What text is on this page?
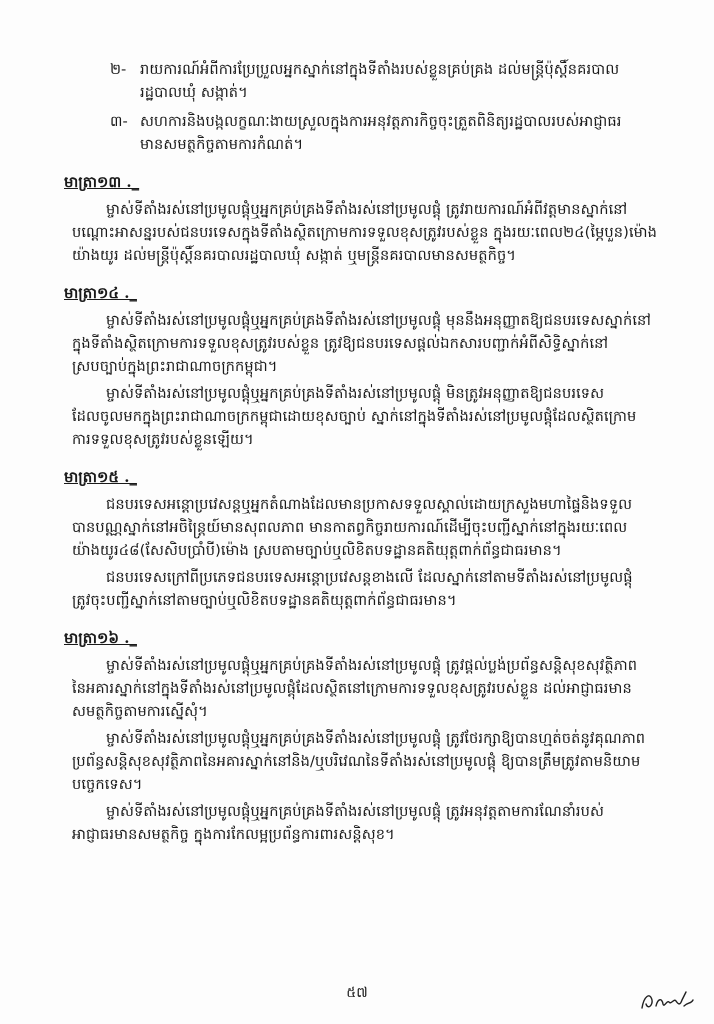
២- រាយការណ៍អំពីការប្រែប្រួលអ្នកស្នាក់នៅក្នុងទីតាំងរបស់ខ្លួនគ្រប់គ្រង ដល់មន្ត្រីប៉ុស្តិ៍នគរបាល
រដ្ឋបាលឃុំ សង្កាត់។
៣- សហការនិងបង្កលក្ខណៈងាយស្រួលក្នុងការអនុវត្តភារកិច្ចចុះត្រួតពិនិត្យរដ្ឋបាលរបស់អាជ្ញាធរ
មានសមត្ថកិច្ចតាមការកំណត់។
មាត្រា១៣ ._
ម្ចាស់ទីតាំងរស់នៅប្រមូលផ្តុំឬអ្នកគ្រប់គ្រងទីតាំងរស់នៅប្រមូលផ្តុំ ត្រូវរាយការណ៍អំពីវត្តមានស្នាក់នៅ
បណ្តោះអាសន្នរបស់ជនបរទេសក្នុងទីតាំងស្ថិតក្រោមការទទួលខុសត្រូវរបស់ខ្លួន ក្នុងរយៈពេល២៤(ម្ភៃបួន)ម៉ោង
យ៉ាងយូរ ដល់មន្ត្រីប៉ុស្តិ៍នគរបាលរដ្ឋបាលឃុំ សង្កាត់ ឬមន្ត្រីនគរបាលមានសមត្ថកិច្ច។
មាត្រា១៤ ._
ម្ចាស់ទីតាំងរស់នៅប្រមូលផ្តុំឬអ្នកគ្រប់គ្រងទីតាំងរស់នៅប្រមូលផ្តុំ មុននឹងអនុញ្ញាតឱ្យជនបរទេសស្នាក់នៅ
ក្នុងទីតាំងស្ថិតក្រោមការទទួលខុសត្រូវរបស់ខ្លួន ត្រូវឱ្យជនបរទេសផ្តល់ឯកសារបញ្ជាក់អំពីសិទ្ធិស្នាក់នៅ
ស្របច្បាប់ក្នុងព្រះរាជាណាចក្រកម្ពុជា។
ម្ចាស់ទីតាំងរស់នៅប្រមូលផ្តុំឬអ្នកគ្រប់គ្រងទីតាំងរស់នៅប្រមូលផ្តុំ មិនត្រូវអនុញ្ញាតឱ្យជនបរទេស
ដែលចូលមកក្នុងព្រះរាជាណាចក្រកម្ពុជាដោយខុសច្បាប់ ស្នាក់នៅក្នុងទីតាំងរស់នៅប្រមូលផ្តុំដែលស្ថិតក្រោម
ការទទួលខុសត្រូវរបស់ខ្លួនឡើយ។
មាត្រា១៥ ._
ជនបរទេសអន្តោប្រវេសន្តឬអ្នកតំណាងដែលមានប្រកាសទទួលស្គាល់ដោយក្រសួងមហាផ្ទៃនិងទទួល
បានបណ្ណស្នាក់នៅអចិន្ត្រៃយ៍មានសុពលភាព មានកាតព្វកិច្ចរាយការណ៍ដើម្បីចុះបញ្ជីស្នាក់នៅក្នុងរយៈពេល
យ៉ាងយូរ៤៨(សែសិបប្រាំបី)ម៉ោង ស្របតាមច្បាប់ឬលិខិតបទដ្ឋានគតិយុត្តពាក់ព័ន្ធជាធរមាន។
ជនបរទេសក្រៅពីប្រភេទជនបរទេសអន្តោប្រវេសន្តខាងលើ ដែលស្នាក់នៅតាមទីតាំងរស់នៅប្រមូលផ្តុំ
ត្រូវចុះបញ្ជីស្នាក់នៅតាមច្បាប់ឬលិខិតបទដ្ឋានគតិយុត្តពាក់ព័ន្ធជាធរមាន។
មាត្រា១៦ ._
ម្ចាស់ទីតាំងរស់នៅប្រមូលផ្តុំឬអ្នកគ្រប់គ្រងទីតាំងរស់នៅប្រមូលផ្តុំ ត្រូវផ្តល់ប្លង់ប្រព័ន្ធសន្តិសុខសុវត្ថិភាព
នៃអគារស្នាក់នៅក្នុងទីតាំងរស់នៅប្រមូលផ្តុំដែលស្ថិតនៅក្រោមការទទួលខុសត្រូវរបស់ខ្លួន ដល់អាជ្ញាធរមាន
សមត្ថកិច្ចតាមការស្នើសុំ។
ម្ចាស់ទីតាំងរស់នៅប្រមូលផ្តុំឬអ្នកគ្រប់គ្រងទីតាំងរស់នៅប្រមូលផ្តុំ ត្រូវថែរក្សាឱ្យបានហ្មត់ចត់នូវគុណភាព
ប្រព័ន្ធសន្តិសុខសុវត្ថិភាពនៃអគារស្នាក់នៅនិង/ឬបរិវេណនៃទីតាំងរស់នៅប្រមូលផ្តុំ ឱ្យបានត្រឹមត្រូវតាមនិយាម
បច្ចេកទេស។
ម្ចាស់ទីតាំងរស់នៅប្រមូលផ្តុំឬអ្នកគ្រប់គ្រងទីតាំងរស់នៅប្រមូលផ្តុំ ត្រូវអនុវត្តតាមការណែនាំរបស់
អាជ្ញាធរមានសមត្ថកិច្ច ក្នុងការកែលម្អប្រព័ន្ធការពារសន្តិសុខ។
៥៧
